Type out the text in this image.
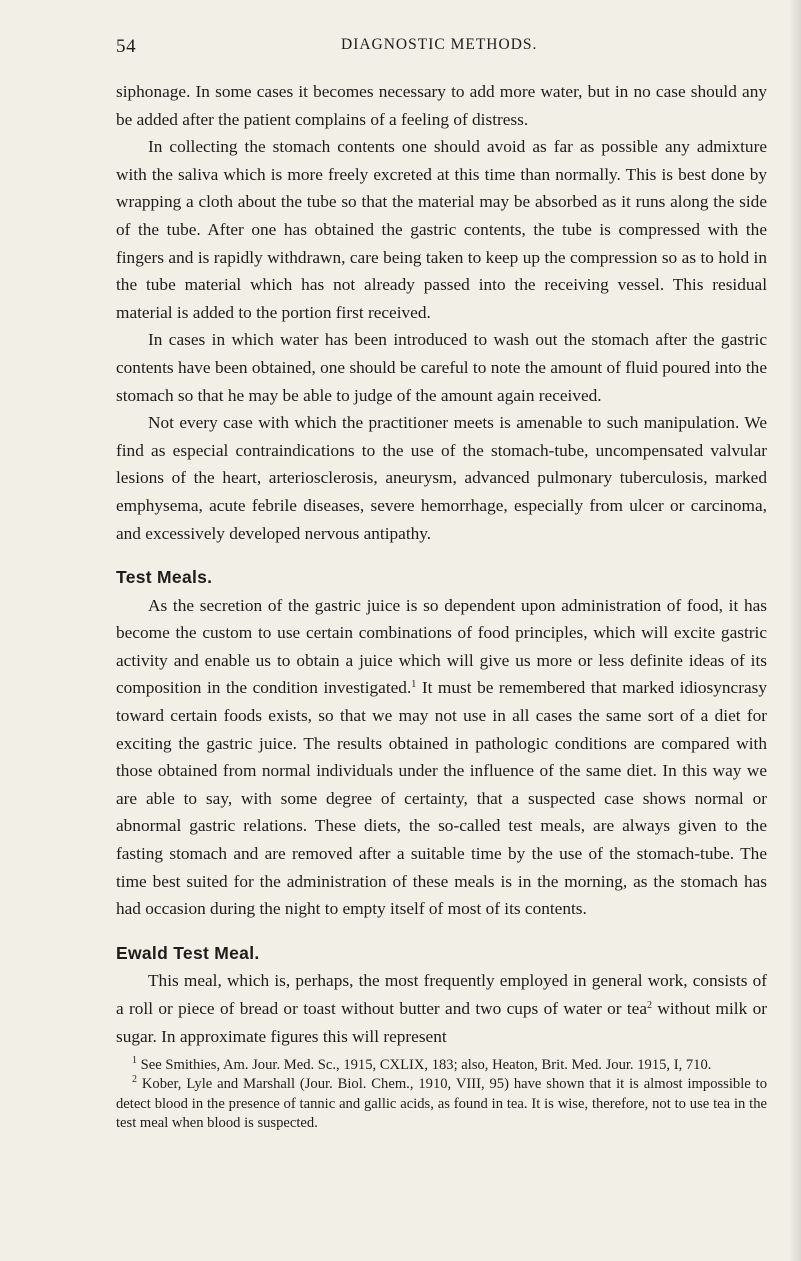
54	DIAGNOSTIC METHODS.

siphonage. In some cases it becomes necessary to add more water, but in no case should any be added after the patient complains of a feeling of distress.

In collecting the stomach contents one should avoid as far as possible any admixture with the saliva which is more freely excreted at this time than normally. This is best done by wrapping a cloth about the tube so that the material may be absorbed as it runs along the side of the tube. After one has obtained the gastric contents, the tube is compressed with the fingers and is rapidly withdrawn, care being taken to keep up the compression so as to hold in the tube material which has not already passed into the receiving vessel. This residual material is added to the portion first received.

In cases in which water has been introduced to wash out the stomach after the gastric contents have been obtained, one should be careful to note the amount of fluid poured into the stomach so that he may be able to judge of the amount again received.

Not every case with which the practitioner meets is amenable to such manipulation. We find as especial contraindications to the use of the stomach-tube, uncompensated valvular lesions of the heart, arteriosclerosis, aneurysm, advanced pulmonary tuberculosis, marked emphysema, acute febrile diseases, severe hemorrhage, especially from ulcer or carcinoma, and excessively developed nervous antipathy.

Test Meals.

As the secretion of the gastric juice is so dependent upon administration of food, it has become the custom to use certain combinations of food principles, which will excite gastric activity and enable us to obtain a juice which will give us more or less definite ideas of its composition in the condition investigated.$^1$ It must be remembered that marked idiosyncrasy toward certain foods exists, so that we may not use in all cases the same sort of a diet for exciting the gastric juice. The results obtained in pathologic conditions are compared with those obtained from normal individuals under the influence of the same diet. In this way we are able to say, with some degree of certainty, that a suspected case shows normal or abnormal gastric relations. These diets, the so-called test meals, are always given to the fasting stomach and are removed after a suitable time by the use of the stomach-tube. The time best suited for the administration of these meals is in the morning, as the stomach has had occasion during the night to empty itself of most of its contents.

Ewald Test Meal.

This meal, which is, perhaps, the most frequently employed in general work, consists of a roll or piece of bread or toast without butter and two cups of water or tea$^2$ without milk or sugar. In approximate figures this will represent

$^1$ See Smithies, Am. Jour. Med. Sc., 1915, CXLIX, 183; also, Heaton, Brit. Med. Jour. 1915, I, 710.

$^2$ Kober, Lyle and Marshall (Jour. Biol. Chem., 1910, VIII, 95) have shown that it is almost impossible to detect blood in the presence of tannic and gallic acids, as found in tea. It is wise, therefore, not to use tea in the test meal when blood is suspected.
